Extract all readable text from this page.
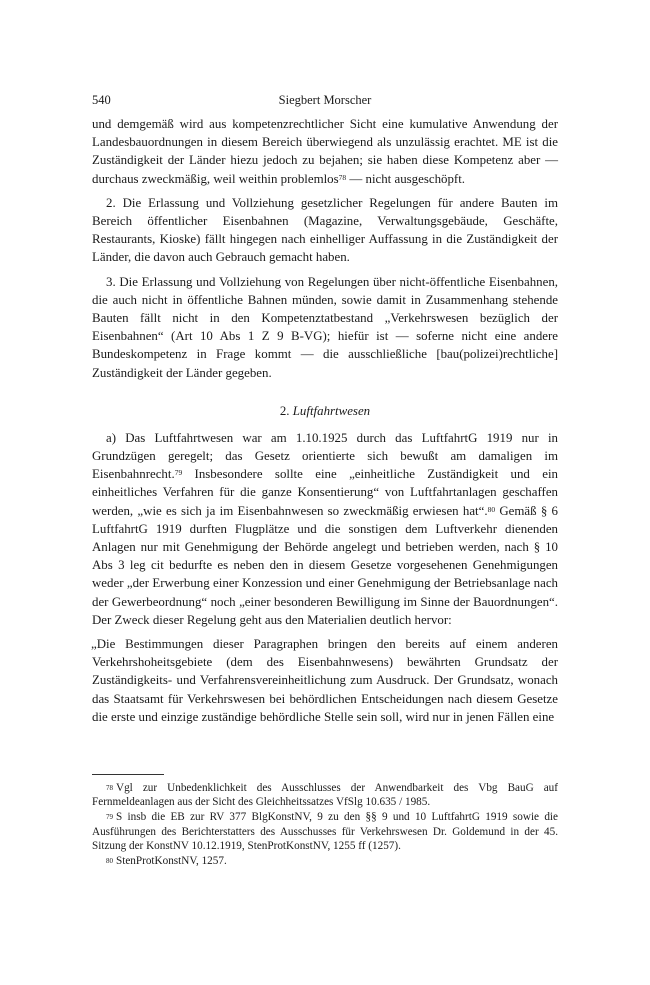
540	Siegbert Morscher

und demgemäß wird aus kompetenzrechtlicher Sicht eine kumulative Anwendung der Landesbauordnungen in diesem Bereich überwiegend als unzulässig erachtet. ME ist die Zuständigkeit der Länder hiezu jedoch zu bejahen; sie haben diese Kompetenz aber — durchaus zweckmäßig, weil weithin problemlos$^{78}$ — nicht ausgeschöpft.

2. Die Erlassung und Vollziehung gesetzlicher Regelungen für andere Bauten im Bereich öffentlicher Eisenbahnen (Magazine, Verwaltungsgebäude, Geschäfte, Restaurants, Kioske) fällt hingegen nach einhelliger Auffassung in die Zuständigkeit der Länder, die davon auch Gebrauch gemacht haben.

3. Die Erlassung und Vollziehung von Regelungen über nicht-öffentliche Eisenbahnen, die auch nicht in öffentliche Bahnen münden, sowie damit in Zusammenhang stehende Bauten fällt nicht in den Kompetenztatbestand „Verkehrswesen bezüglich der Eisenbahnen“ (Art 10 Abs 1 Z 9 B-VG); hiefür ist — soferne nicht eine andere Bundeskompetenz in Frage kommt — die ausschließliche [bau(polizei)rechtliche] Zuständigkeit der Länder gegeben.

2. Luftfahrtwesen

a) Das Luftfahrtwesen war am 1.10.1925 durch das LuftfahrtG 1919 nur in Grundzügen geregelt; das Gesetz orientierte sich bewußt am damaligen im Eisenbahnrecht.$^{79}$ Insbesondere sollte eine „einheitliche Zuständigkeit und ein einheitliches Verfahren für die ganze Konsentierung“ von Luftfahrtanlagen geschaffen werden, „wie es sich ja im Eisenbahnwesen so zweckmäßig erwiesen hat“.$^{80}$ Gemäß § 6 LuftfahrtG 1919 durften Flugplätze und die sonstigen dem Luftverkehr dienenden Anlagen nur mit Genehmigung der Behörde angelegt und betrieben werden, nach § 10 Abs 3 leg cit bedurfte es neben den in diesem Gesetze vorgesehenen Genehmigungen weder „der Erwerbung einer Konzession und einer Genehmigung der Betriebsanlage nach der Gewerbeordnung“ noch „einer besonderen Bewilligung im Sinne der Bauordnungen“. Der Zweck dieser Regelung geht aus den Materialien deutlich hervor:

„Die Bestimmungen dieser Paragraphen bringen den bereits auf einem anderen Verkehrshoheitsgebiete (dem des Eisenbahnwesens) bewährten Grundsatz der Zuständigkeits- und Verfahrensvereinheitlichung zum Ausdruck. Der Grundsatz, wonach das Staatsamt für Verkehrswesen bei behördlichen Entscheidungen nach diesem Gesetze die erste und einzige zuständige behördliche Stelle sein soll, wird nur in jenen Fällen eine

$^{78}$ Vgl zur Unbedenklichkeit des Ausschlusses der Anwendbarkeit des Vbg BauG auf Fernmeldeanlagen aus der Sicht des Gleichheitssatzes VfSlg 10.635 / 1985.

$^{79}$ S insb die EB zur RV 377 BlgKonstNV, 9 zu den §§ 9 und 10 LuftfahrtG 1919 sowie die Ausführungen des Berichterstatters des Ausschusses für Verkehrswesen Dr. Goldemund in der 45. Sitzung der KonstNV 10.12.1919, StenProtKonstNV, 1255 ff (1257).

$^{80}$ StenProtKonstNV, 1257.
